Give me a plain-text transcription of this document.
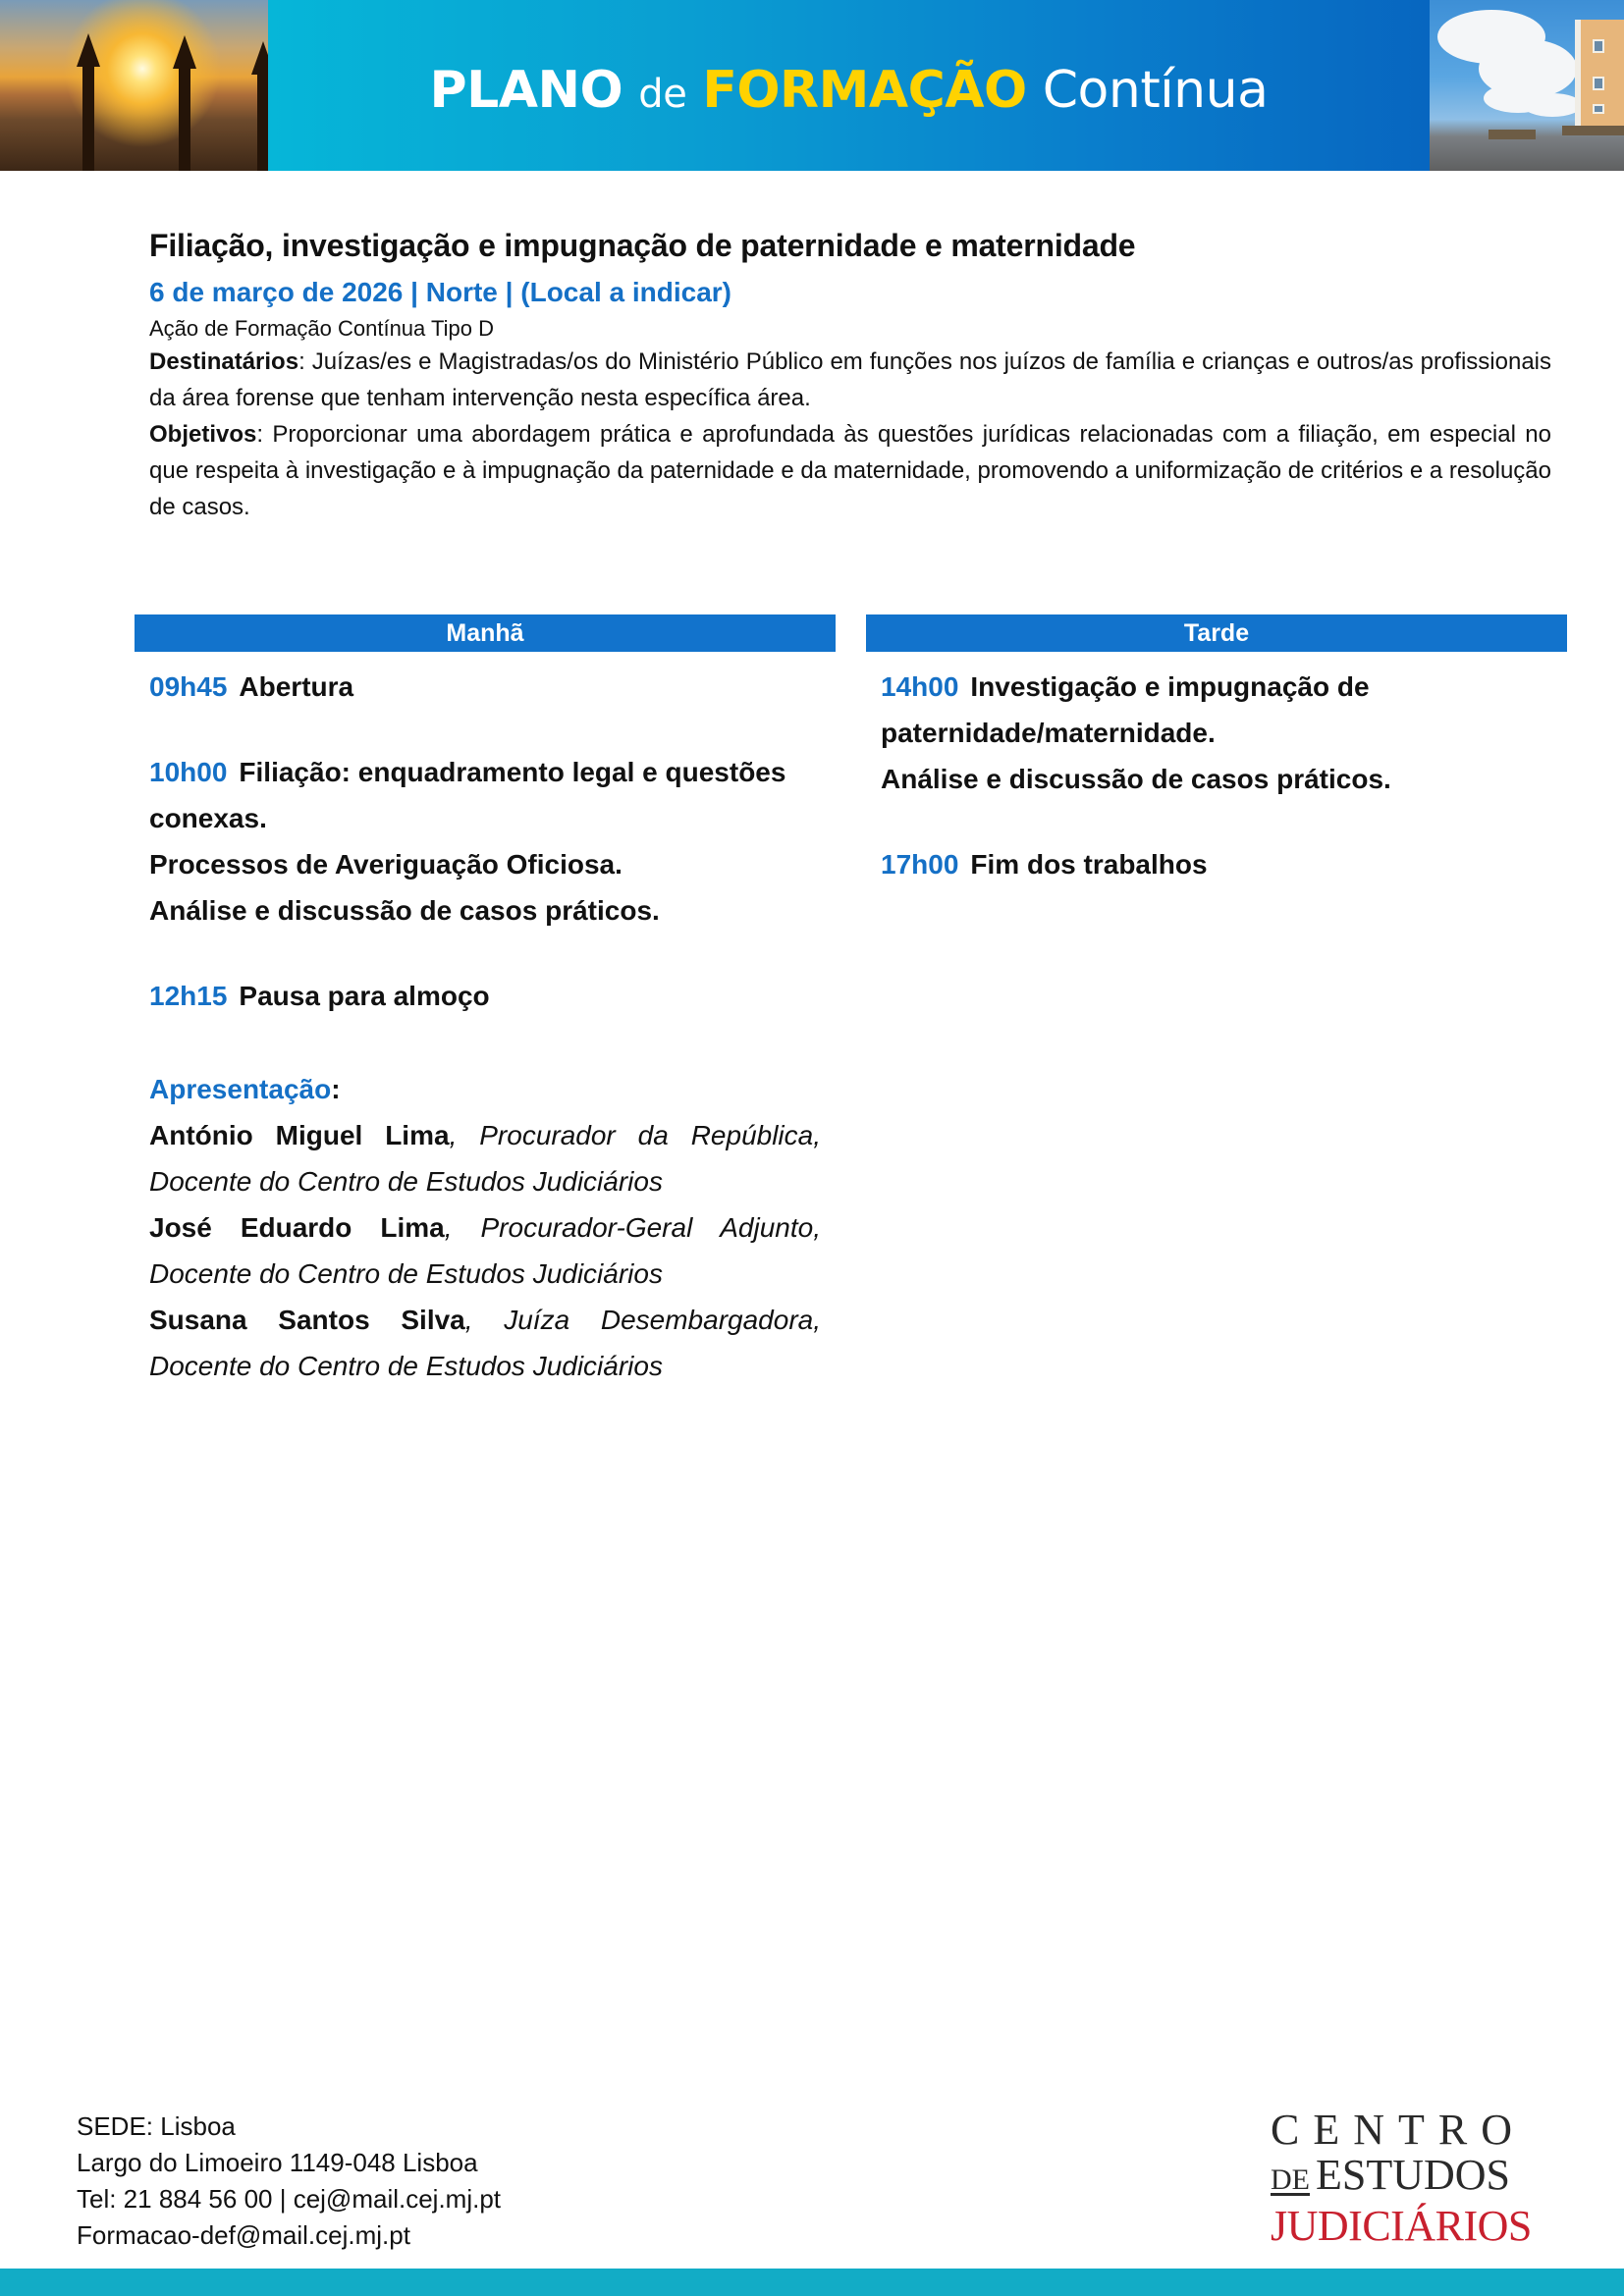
PLANO de FORMAÇÃO Contínua
Filiação, investigação e impugnação de paternidade e maternidade
6 de março de 2026 | Norte | (Local a indicar)
Ação de Formação Contínua Tipo D

Destinatários: Juízas/es e Magistradas/os do Ministério Público em funções nos juízos de família e crianças e outros/as profissionais da área forense que tenham intervenção nesta específica área.

Objetivos: Proporcionar uma abordagem prática e aprofundada às questões jurídicas relacionadas com a filiação, em especial no que respeita à investigação e à impugnação da paternidade e da maternidade, promovendo a uniformização de critérios e a resolução de casos.

Manhã
09h45 Abertura
10h00 Filiação: enquadramento legal e questões conexas.
Processos de Averiguação Oficiosa.
Análise e discussão de casos práticos.
12h15 Pausa para almoço
Apresentação:
António Miguel Lima, Procurador da República, Docente do Centro de Estudos Judiciários
José Eduardo Lima, Procurador-Geral Adjunto, Docente do Centro de Estudos Judiciários
Susana Santos Silva, Juíza Desembargadora, Docente do Centro de Estudos Judiciários
Tarde
14h00 Investigação e impugnação de paternidade/maternidade.
Análise e discussão de casos práticos.
17h00 Fim dos trabalhos
SEDE: Lisboa
Largo do Limoeiro 1149-048 Lisboa
Tel: 21 884 56 00 | cej@mail.cej.mj.pt
Formacao-def@mail.cej.mj.pt
CENTRO
DE ESTUDOS
JUDICIÁRIOS
